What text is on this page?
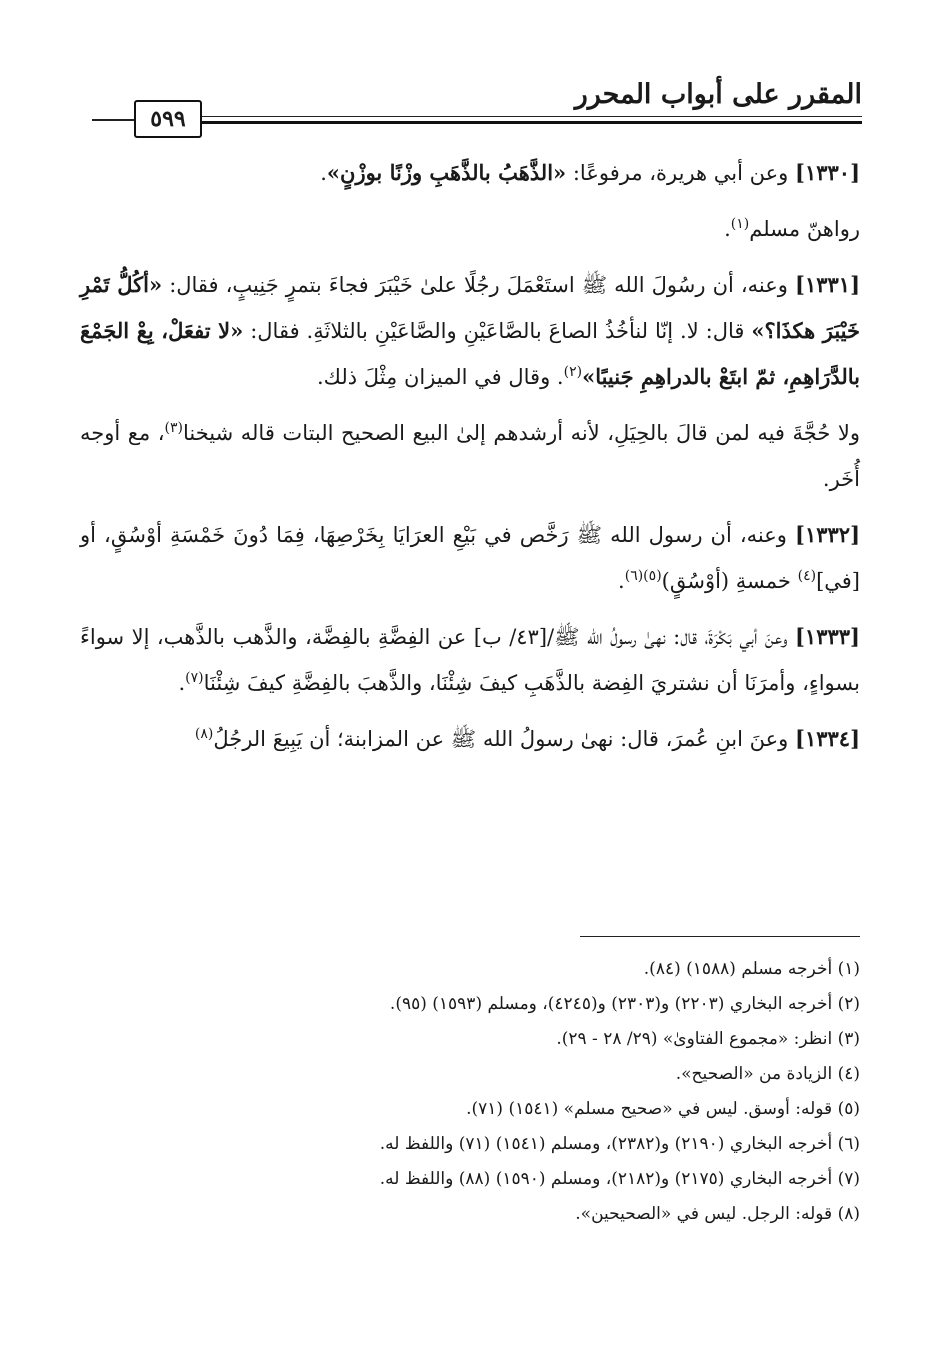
المقرر على أبواب المحرر
٥٩٩

[١٣٣٠] وعن أبي هريرة، مرفوعًا: «الذَّهَبُ بالذَّهَبِ وزْنًا بوزْنٍ».

رواهنّ مسلم$^{(١)}$.

[١٣٣١] وعنه، أن رسُولَ الله ﷺ استَعْمَلَ رجُلًا علىٰ خَيْبَرَ فجاءَ بتمرٍ جَنِيبٍ، فقال: «أكُلُّ تَمْرِ خَيْبَرَ هكذَا؟» قال: لا. إنّا لنأخُذُ الصاعَ بالصَّاعَيْنِ والصَّاعَيْنِ بالثلاثَةِ. فقال: «لا تفعَلْ، بِعْ الجَمْعَ بالدَّرَاهِمِ، ثمّ ابتَعْ بالدراهِمِ جَنيبًا»$^{(٢)}$. وقال في الميزان مِثْلَ ذلك.

ولا حُجَّةَ فيه لمن قالَ بالحِيَلِ، لأنه أرشدهم إلىٰ البيع الصحيح البتات قاله شيخنا$^{(٣)}$، مع أوجه أُخَر.

[١٣٣٢] وعنه، أن رسول الله ﷺ رَخَّص في بَيْعِ العرَايَا بِخَرْصِهَا، فِمَا دُونَ خَمْسَةِ أوْسُقٍ، أو [في]$^{(٤)}$ خمسةِ (أوْسُقٍ)$^{(٥)(٦)}$.

[١٣٣٣] وعنَ أبي بَكْرَةَ، قال: نهىٰ رسولُ الله ﷺ/[٤٣/ ب] عن الفِضَّةِ بالفِضَّة، والذَّهب بالذَّهب، إلا سواءً بسواءٍ، وأمرَنَا أن نشتريَ الفِضة بالذَّهَبِ كيفَ شِئْنَا، والذَّهبَ بالفِضَّةِ كيفَ شِئْنَا$^{(٧)}$.

[١٣٣٤] وعنَ ابنِ عُمرَ، قال: نهىٰ رسولُ الله ﷺ عن المزابنة؛ أن يَبِيعَ الرجُلُ$^{(٨)}$

(١) أخرجه مسلم (١٥٨٨) (٨٤).
(٢) أخرجه البخاري (٢٢٠٣) و(٢٣٠٣) و(٤٢٤٥)، ومسلم (١٥٩٣) (٩٥).
(٣) انظر: «مجموع الفتاوىٰ» (٢٩/ ٢٨ - ٢٩).
(٤) الزيادة من «الصحيح».
(٥) قوله: أوسق. ليس في «صحيح مسلم» (١٥٤١) (٧١).
(٦) أخرجه البخاري (٢١٩٠) و(٢٣٨٢)، ومسلم (١٥٤١) (٧١) واللفظ له.
(٧) أخرجه البخاري (٢١٧٥) و(٢١٨٢)، ومسلم (١٥٩٠) (٨٨) واللفظ له.
(٨) قوله: الرجل. ليس في «الصحيحين».
